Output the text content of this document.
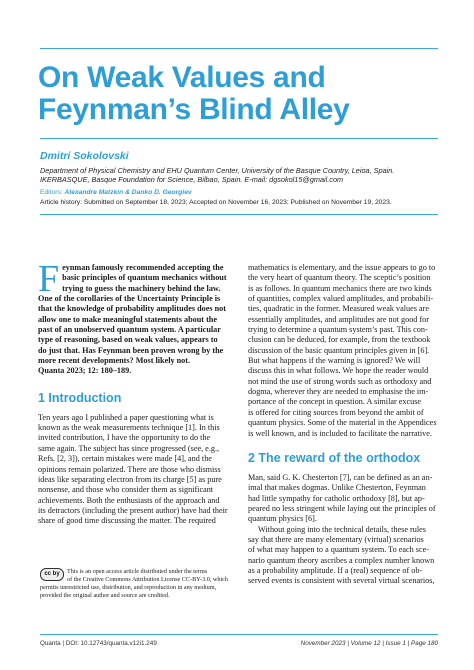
On Weak Values and
Feynman’s Blind Alley
Dmitri Sokolovski
Department of Physical Chemistry and EHU Quantum Center, University of the Basque Country, Leioa, Spain.
IKERBASQUE, Basque Foundation for Science, Bilbao, Spain. E-mail: dgsokol15@gmail.com
Editors: Alexandre Matzkin & Danko D. Georgiev
Article history: Submitted on September 18, 2023; Accepted on November 16, 2023; Published on November 19, 2023.
F eynman famously recommended accepting the
basic principles of quantum mechanics without
trying to guess the machinery behind the law.
One of the corollaries of the Uncertainty Principle is
that the knowledge of probability amplitudes does not
allow one to make meaningful statements about the
past of an unobserved quantum system. A particular
type of reasoning, based on weak values, appears to
do just that. Has Feynman been proven wrong by the
more recent developments? Most likely not.
Quanta 2023; 12: 180–189.
1 Introduction
Ten years ago I published a paper questioning what is
known as the weak measurements technique [1]. In this
invited contribution, I have the opportunity to do the
same again. The subject has since progressed (see, e.g.,
Refs. [2, 3]), certain mistakes were made [4], and the
opinions remain polarized. There are those who dismiss
ideas like separating electron from its charge [5] as pure
nonsense, and those who consider them as significant
achievements. Both the enthusiasts of the approach and
its detractors (including the present author) have had their
share of good time discussing the matter. The required
mathematics is elementary, and the issue appears to go to
the very heart of quantum theory. The sceptic’s position
is as follows. In quantum mechanics there are two kinds
of quantities, complex valued amplitudes, and probabili-
ties, quadratic in the former. Measured weak values are
essentially amplitudes, and amplitudes are not good for
trying to determine a quantum system’s past. This con-
clusion can be deduced, for example, from the textbook
discussion of the basic quantum principles given in [6].
But what happens if the warning is ignored? We will
discuss this in what follows. We hope the reader would
not mind the use of strong words such as orthodoxy and
dogma, wherever they are needed to emphasise the im-
portance of the concept in question. A similar excuse
is offered for citing sources from beyond the ambit of
quantum physics. Some of the material in the Appendices
is well known, and is included to facilitate the narrative.
2 The reward of the orthodox
Man, said G. K. Chesterton [7], can be defined as an an-
imal that makes dogmas. Unlike Chesterton, Feynman
had little sympathy for catholic orthodoxy [8], but ap-
peared no less stringent while laying out the principles of
quantum physics [6].
Without going into the technical details, these rules
say that there are many elementary (virtual) scenarios
of what may happen to a quantum system. To each sce-
nario quantum theory ascribes a complex number known
as a probability amplitude. If a (real) sequence of ob-
served events is consistent with several virtual scenarios,
cc by	This is an open access article distributed under the terms
of the Creative Commons Attribution License CC-BY-3.0, which
permits unrestricted use, distribution, and reproduction in any medium,
provided the original author and source are credited.
Quanta | DOI: 10.12743/quanta.v12i1.249	November 2023 | Volume 12 | Issue 1 | Page 180
